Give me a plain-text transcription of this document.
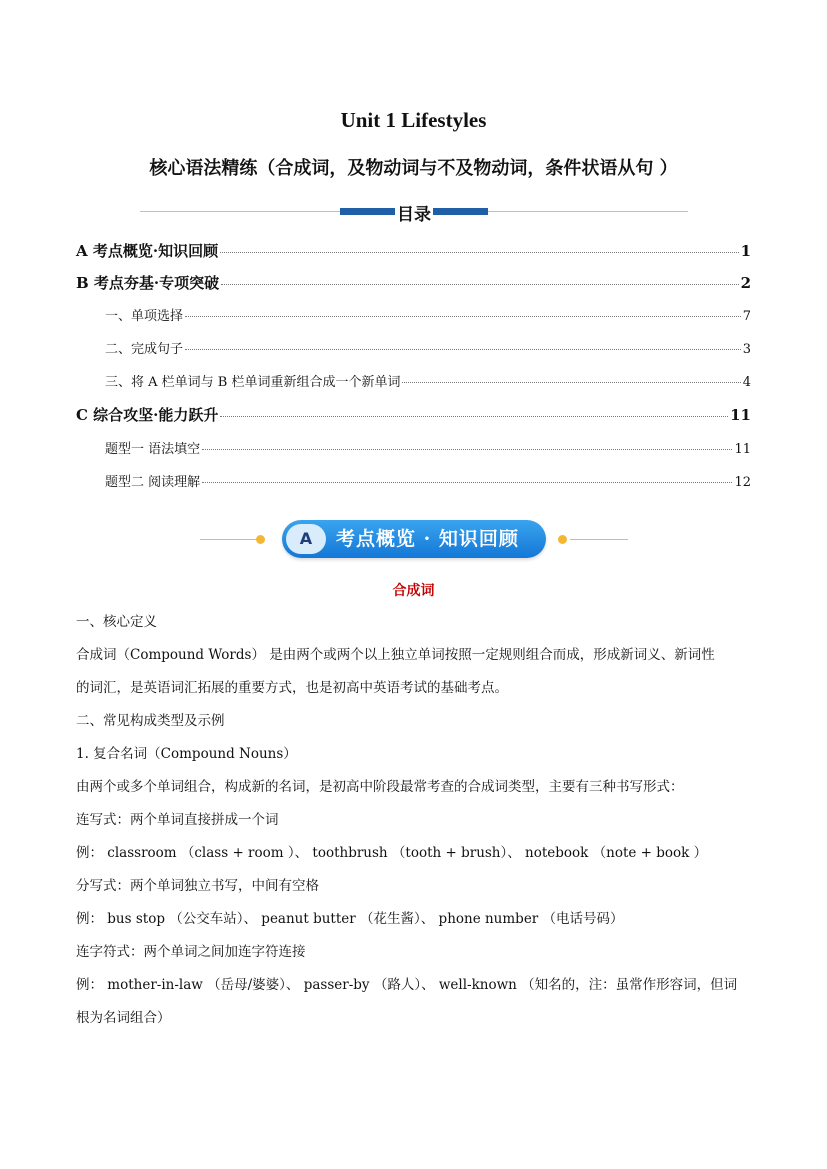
Unit 1 Lifestyles
核心语法精练（合成词，及物动词与不及物动词，条件状语从句 ）
目录
A 考点概览·知识回顾	1
B 考点夯基·专项突破	2
一、单项选择	7
二、完成句子	3
三、将 A 栏单词与 B 栏单词重新组合成一个新单词	4
C 综合攻坚·能力跃升	11
题型一 语法填空	11
题型二 阅读理解	12
A	考点概览 · 知识回顾
合成词
一、核心定义
合成词（Compound Words） 是由两个或两个以上独立单词按照一定规则组合而成，形成新词义、新词性
的词汇，是英语词汇拓展的重要方式，也是初高中英语考试的基础考点。
二、常见构成类型及示例
1. 复合名词（Compound Nouns）
由两个或多个单词组合，构成新的名词，是初高中阶段最常考查的合成词类型，主要有三种书写形式：
连写式：两个单词直接拼成一个词
例： classroom （class + room ）、 toothbrush （tooth + brush）、 notebook （note + book ）
分写式：两个单词独立书写，中间有空格
例： bus stop （公交车站）、 peanut butter （花生酱）、 phone number （电话号码）
连字符式：两个单词之间加连字符连接
例： mother-in-law （岳母/婆婆）、 passer-by （路人）、 well-known （知名的，注：虽常作形容词，但词
根为名词组合）
